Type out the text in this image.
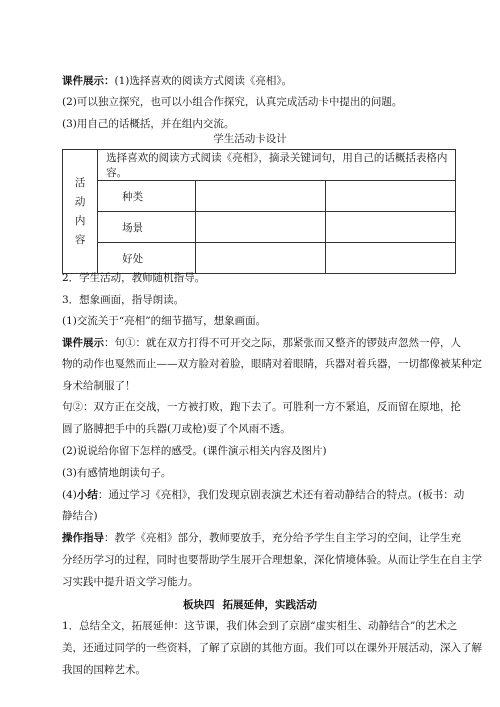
课件展示：(1)选择喜欢的阅读方式阅读《亮相》。
(2)可以独立探究，也可以小组合作探究，认真完成活动卡中提出的问题。
(3)用自己的话概括，并在组内交流。
学生活动卡设计
活
动
内
容	选择喜欢的阅读方式阅读《亮相》，摘录关键词句，用自己的话概括表格内容。		
	种类		
	场景		
	好处		
2．学生活动，教师随机指导。
3．想象画面，指导朗读。
(1)交流关于“亮相”的细节描写，想象画面。
课件展示：句①：就在双方打得不可开交之际，那紧张而又整齐的锣鼓声忽然一停，人
物的动作也戛然而止——双方脸对着脸，眼睛对着眼睛，兵器对着兵器，一切都像被某种定
身术给制服了！
句②：双方正在交战，一方被打败，跑下去了。可胜利一方不紧追，反而留在原地，抡
圆了胳膊把手中的兵器(刀或枪)耍了个风雨不透。
(2)说说给你留下怎样的感受。(课件演示相关内容及图片)
(3)有感情地朗读句子。
(4)小结：通过学习《亮相》，我们发现京剧表演艺术还有着动静结合的特点。(板书：动
静结合)
操作指导：教学《亮相》部分，教师要放手，充分给予学生自主学习的空间，让学生充
分经历学习的过程，同时也要帮助学生展开合理想象，深化情境体验。从而让学生在自主学
习实践中提升语文学习能力。
板块四 拓展延伸，实践活动
1．总结全文，拓展延伸：这节课，我们体会到了京剧“虚实相生、动静结合”的艺术之
美，还通过同学的一些资料，了解了京剧的其他方面。我们可以在课外开展活动，深入了解
我国的国粹艺术。
